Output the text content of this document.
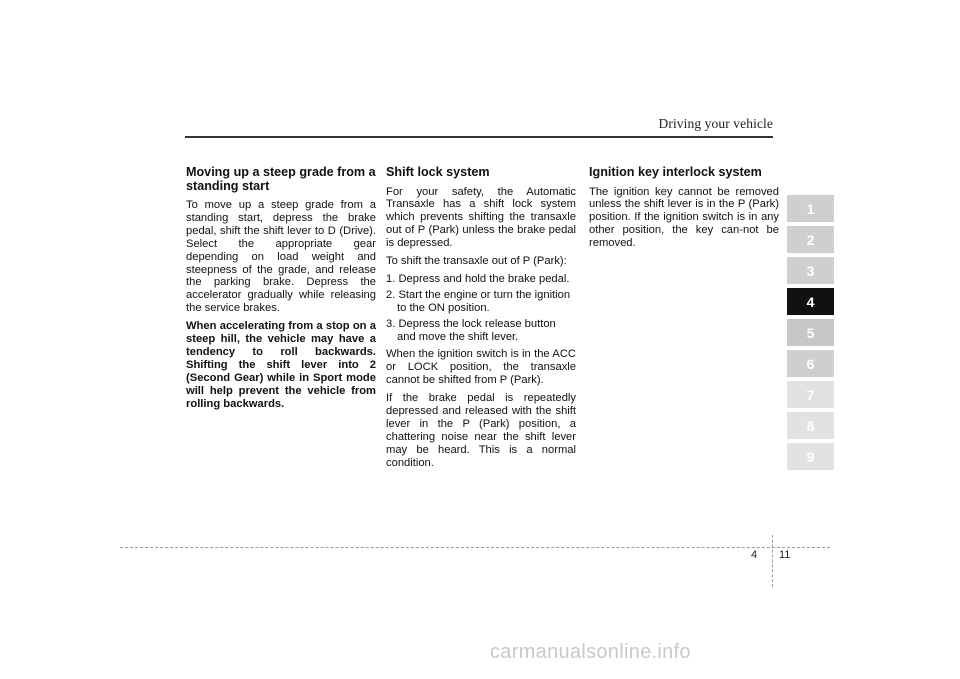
Driving your vehicle
Moving up a steep grade from a standing start

To move up a steep grade from a standing start, depress the brake pedal, shift the shift lever to D (Drive). Select the appropriate gear depending on load weight and steepness of the grade, and release the parking brake. Depress the accelerator gradually while releasing the service brakes.

When accelerating from a stop on a steep hill, the vehicle may have a tendency to roll backwards. Shifting the shift lever into 2 (Second Gear) while in Sport mode will help prevent the vehicle from rolling backwards.

Shift lock system

For your safety, the Automatic Transaxle has a shift lock system which prevents shifting the transaxle out of P (Park) unless the brake pedal is depressed.

To shift the transaxle out of P (Park):

1. Depress and hold the brake pedal.
2. Start the engine or turn the ignition to the ON position.
3. Depress the lock release button and move the shift lever.

When the ignition switch is in the ACC or LOCK position, the transaxle cannot be shifted from P (Park).

If the brake pedal is repeatedly depressed and released with the shift lever in the P (Park) position, a chattering noise near the shift lever may be heard. This is a normal condition.

Ignition key interlock system

The ignition key cannot be removed unless the shift lever is in the P (Park) position. If the ignition switch is in any other position, the key can-not be removed.

1
2
3
4
5
6
7
8
9
4 11
carmanualsonline.info
